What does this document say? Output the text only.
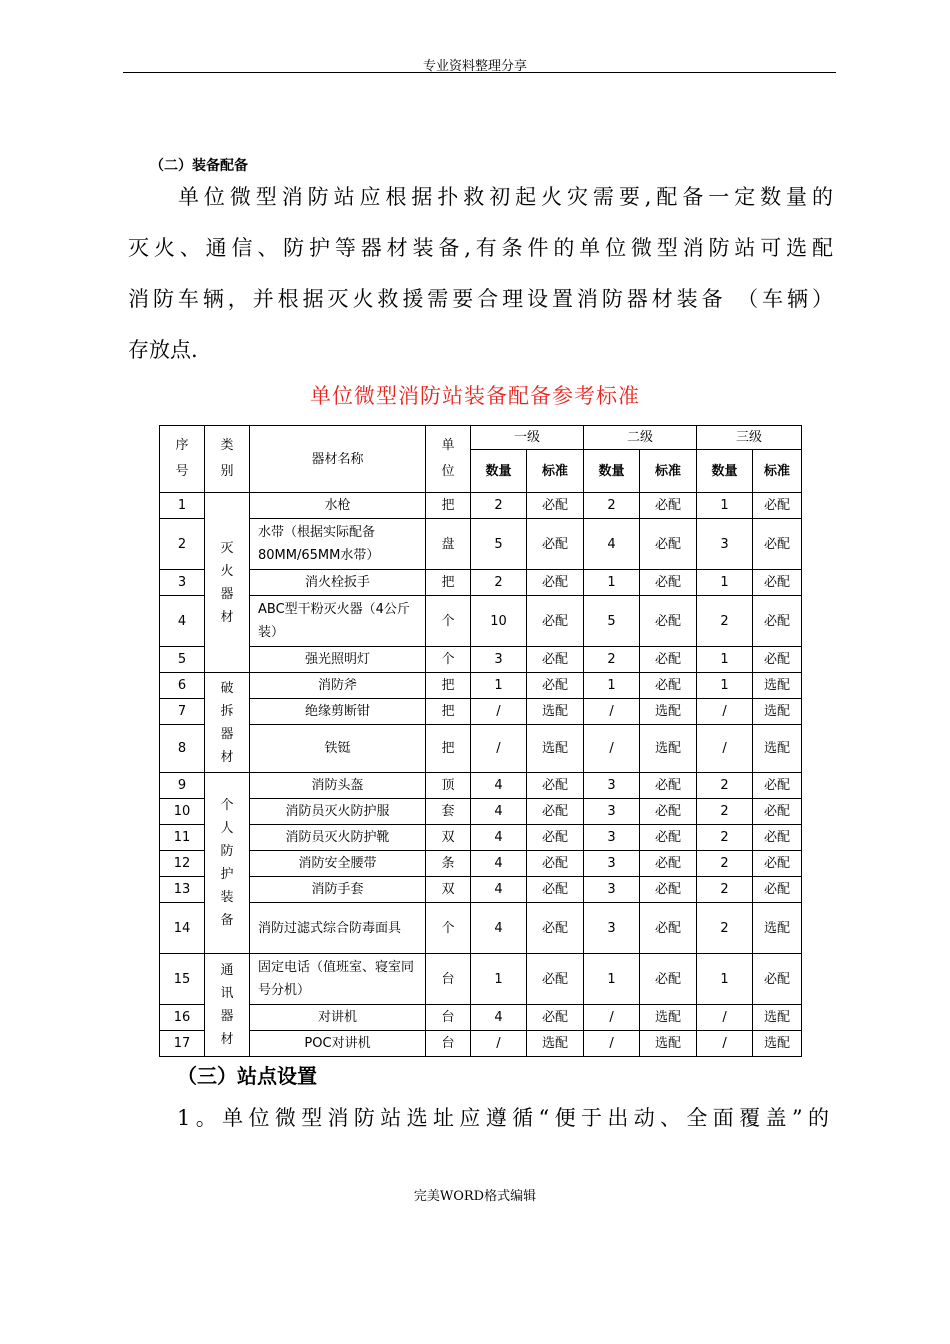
专业资料整理分享
（二）装备配备
单位微型消防站应根据扑救初起火灾需要,配备一定数量的
灭火、通信、防护等器材装备,有条件的单位微型消防站可选配
消防车辆，并根据灭火救援需要合理设置消防器材装备 （车辆）
存放点.
单位微型消防站装备配备参考标准
序号	类别	器材名称	单位	一级		二级		三级	
				数量	标准	数量	标准	数量	标准
1	灭火器材	水枪	把	2	必配	2	必配	1	必配
2		水带（根据实际配备80MM/65MM水带）	盘	5	必配	4	必配	3	必配
3		消火栓扳手	把	2	必配	1	必配	1	必配
4		ABC型干粉灭火器（4公斤装）	个	10	必配	5	必配	2	必配
5		强光照明灯	个	3	必配	2	必配	1	必配
6	破拆器材	消防斧	把	1	必配	1	必配	1	选配
7		绝缘剪断钳	把	/	选配	/	选配	/	选配
8		铁铤	把	/	选配	/	选配	/	选配
9	个人防护装备	消防头盔	顶	4	必配	3	必配	2	必配
10		消防员灭火防护服	套	4	必配	3	必配	2	必配
11		消防员灭火防护靴	双	4	必配	3	必配	2	必配
12		消防安全腰带	条	4	必配	3	必配	2	必配
13		消防手套	双	4	必配	3	必配	2	必配
14		消防过滤式综合防毒面具	个	4	必配	3	必配	2	选配
15	通讯器材	固定电话（值班室、寝室同号分机）	台	1	必配	1	必配	1	必配
16		对讲机	台	4	必配	/	选配	/	选配
17		POC对讲机	台	/	选配	/	选配	/	选配
（三）站点设置
1。单位微型消防站选址应遵循“便于出动、全面覆盖”的
完美WORD格式编辑
